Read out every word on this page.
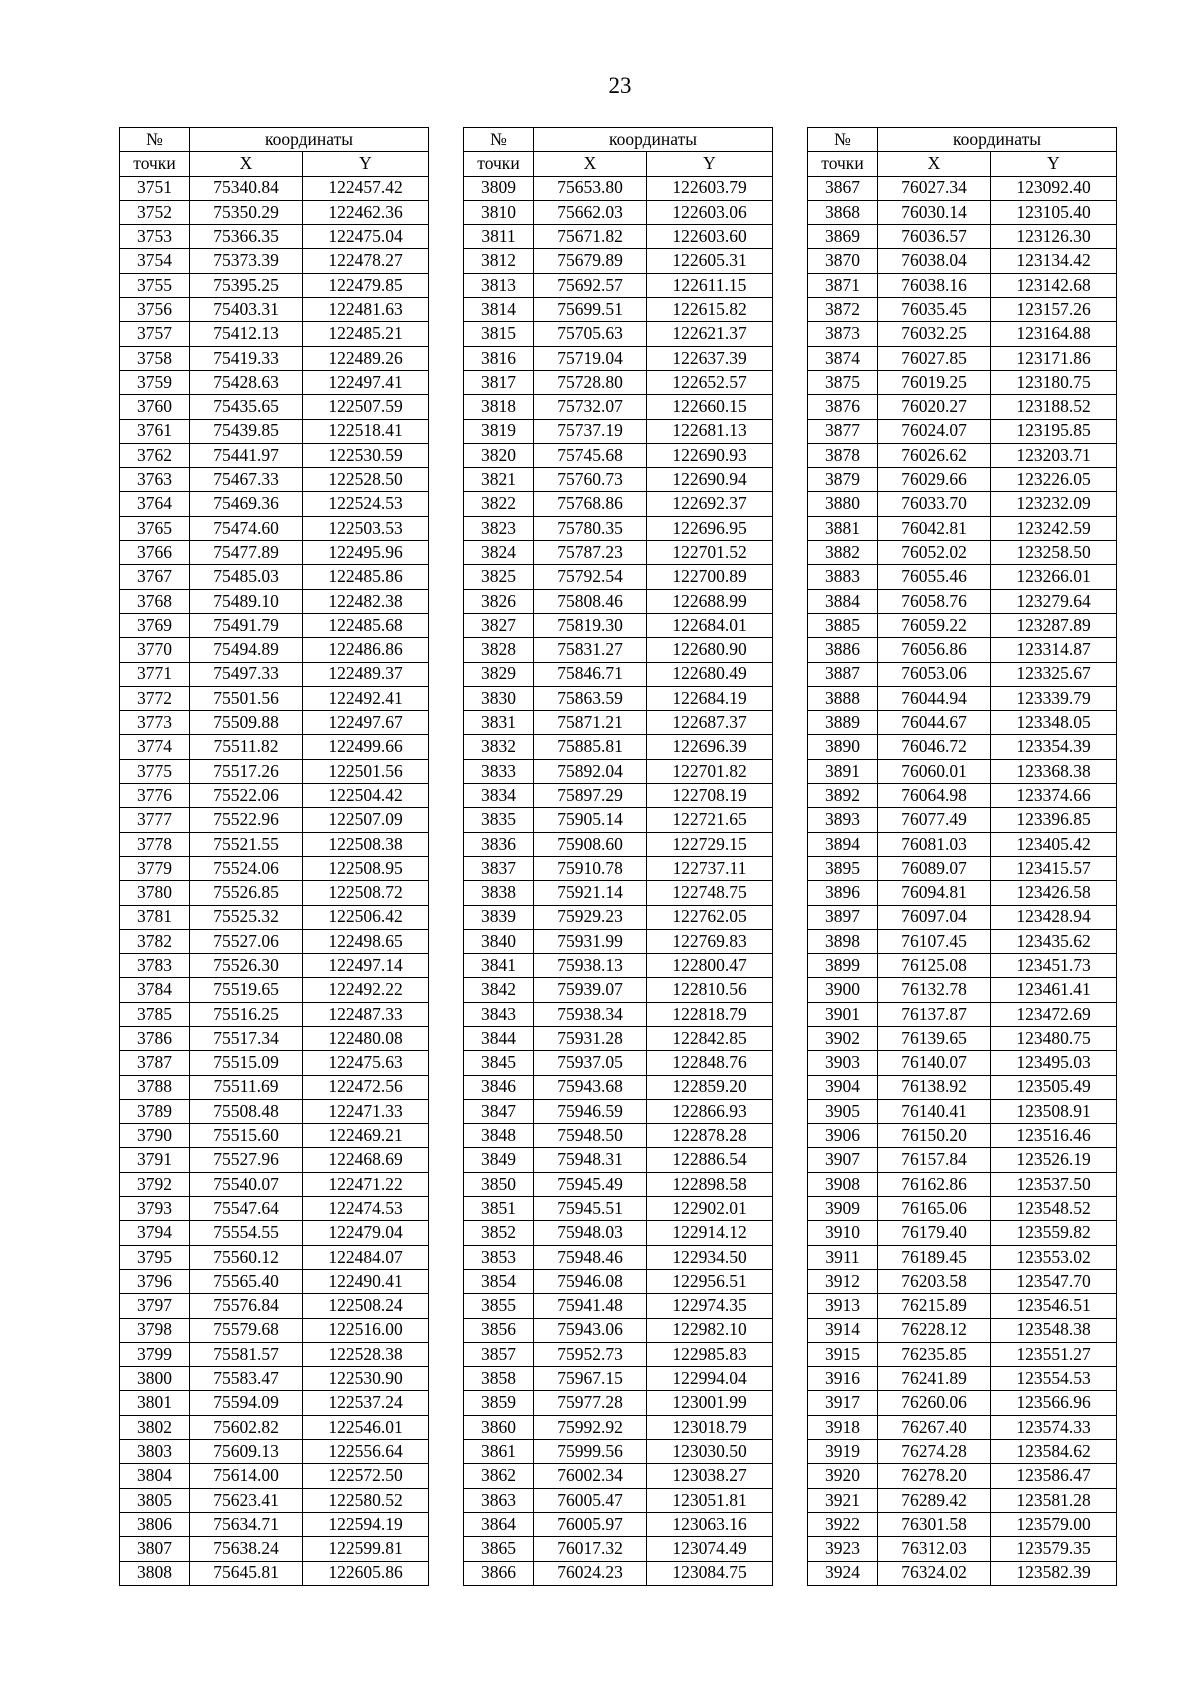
23
№	координаты	
точки	X	Y
3751	75340.84	122457.42
3752	75350.29	122462.36
3753	75366.35	122475.04
3754	75373.39	122478.27
3755	75395.25	122479.85
3756	75403.31	122481.63
3757	75412.13	122485.21
3758	75419.33	122489.26
3759	75428.63	122497.41
3760	75435.65	122507.59
3761	75439.85	122518.41
3762	75441.97	122530.59
3763	75467.33	122528.50
3764	75469.36	122524.53
3765	75474.60	122503.53
3766	75477.89	122495.96
3767	75485.03	122485.86
3768	75489.10	122482.38
3769	75491.79	122485.68
3770	75494.89	122486.86
3771	75497.33	122489.37
3772	75501.56	122492.41
3773	75509.88	122497.67
3774	75511.82	122499.66
3775	75517.26	122501.56
3776	75522.06	122504.42
3777	75522.96	122507.09
3778	75521.55	122508.38
3779	75524.06	122508.95
3780	75526.85	122508.72
3781	75525.32	122506.42
3782	75527.06	122498.65
3783	75526.30	122497.14
3784	75519.65	122492.22
3785	75516.25	122487.33
3786	75517.34	122480.08
3787	75515.09	122475.63
3788	75511.69	122472.56
3789	75508.48	122471.33
3790	75515.60	122469.21
3791	75527.96	122468.69
3792	75540.07	122471.22
3793	75547.64	122474.53
3794	75554.55	122479.04
3795	75560.12	122484.07
3796	75565.40	122490.41
3797	75576.84	122508.24
3798	75579.68	122516.00
3799	75581.57	122528.38
3800	75583.47	122530.90
3801	75594.09	122537.24
3802	75602.82	122546.01
3803	75609.13	122556.64
3804	75614.00	122572.50
3805	75623.41	122580.52
3806	75634.71	122594.19
3807	75638.24	122599.81
3808	75645.81	122605.86
№	координаты	
точки	X	Y
3809	75653.80	122603.79
3810	75662.03	122603.06
3811	75671.82	122603.60
3812	75679.89	122605.31
3813	75692.57	122611.15
3814	75699.51	122615.82
3815	75705.63	122621.37
3816	75719.04	122637.39
3817	75728.80	122652.57
3818	75732.07	122660.15
3819	75737.19	122681.13
3820	75745.68	122690.93
3821	75760.73	122690.94
3822	75768.86	122692.37
3823	75780.35	122696.95
3824	75787.23	122701.52
3825	75792.54	122700.89
3826	75808.46	122688.99
3827	75819.30	122684.01
3828	75831.27	122680.90
3829	75846.71	122680.49
3830	75863.59	122684.19
3831	75871.21	122687.37
3832	75885.81	122696.39
3833	75892.04	122701.82
3834	75897.29	122708.19
3835	75905.14	122721.65
3836	75908.60	122729.15
3837	75910.78	122737.11
3838	75921.14	122748.75
3839	75929.23	122762.05
3840	75931.99	122769.83
3841	75938.13	122800.47
3842	75939.07	122810.56
3843	75938.34	122818.79
3844	75931.28	122842.85
3845	75937.05	122848.76
3846	75943.68	122859.20
3847	75946.59	122866.93
3848	75948.50	122878.28
3849	75948.31	122886.54
3850	75945.49	122898.58
3851	75945.51	122902.01
3852	75948.03	122914.12
3853	75948.46	122934.50
3854	75946.08	122956.51
3855	75941.48	122974.35
3856	75943.06	122982.10
3857	75952.73	122985.83
3858	75967.15	122994.04
3859	75977.28	123001.99
3860	75992.92	123018.79
3861	75999.56	123030.50
3862	76002.34	123038.27
3863	76005.47	123051.81
3864	76005.97	123063.16
3865	76017.32	123074.49
3866	76024.23	123084.75
№	координаты	
точки	X	Y
3867	76027.34	123092.40
3868	76030.14	123105.40
3869	76036.57	123126.30
3870	76038.04	123134.42
3871	76038.16	123142.68
3872	76035.45	123157.26
3873	76032.25	123164.88
3874	76027.85	123171.86
3875	76019.25	123180.75
3876	76020.27	123188.52
3877	76024.07	123195.85
3878	76026.62	123203.71
3879	76029.66	123226.05
3880	76033.70	123232.09
3881	76042.81	123242.59
3882	76052.02	123258.50
3883	76055.46	123266.01
3884	76058.76	123279.64
3885	76059.22	123287.89
3886	76056.86	123314.87
3887	76053.06	123325.67
3888	76044.94	123339.79
3889	76044.67	123348.05
3890	76046.72	123354.39
3891	76060.01	123368.38
3892	76064.98	123374.66
3893	76077.49	123396.85
3894	76081.03	123405.42
3895	76089.07	123415.57
3896	76094.81	123426.58
3897	76097.04	123428.94
3898	76107.45	123435.62
3899	76125.08	123451.73
3900	76132.78	123461.41
3901	76137.87	123472.69
3902	76139.65	123480.75
3903	76140.07	123495.03
3904	76138.92	123505.49
3905	76140.41	123508.91
3906	76150.20	123516.46
3907	76157.84	123526.19
3908	76162.86	123537.50
3909	76165.06	123548.52
3910	76179.40	123559.82
3911	76189.45	123553.02
3912	76203.58	123547.70
3913	76215.89	123546.51
3914	76228.12	123548.38
3915	76235.85	123551.27
3916	76241.89	123554.53
3917	76260.06	123566.96
3918	76267.40	123574.33
3919	76274.28	123584.62
3920	76278.20	123586.47
3921	76289.42	123581.28
3922	76301.58	123579.00
3923	76312.03	123579.35
3924	76324.02	123582.39
